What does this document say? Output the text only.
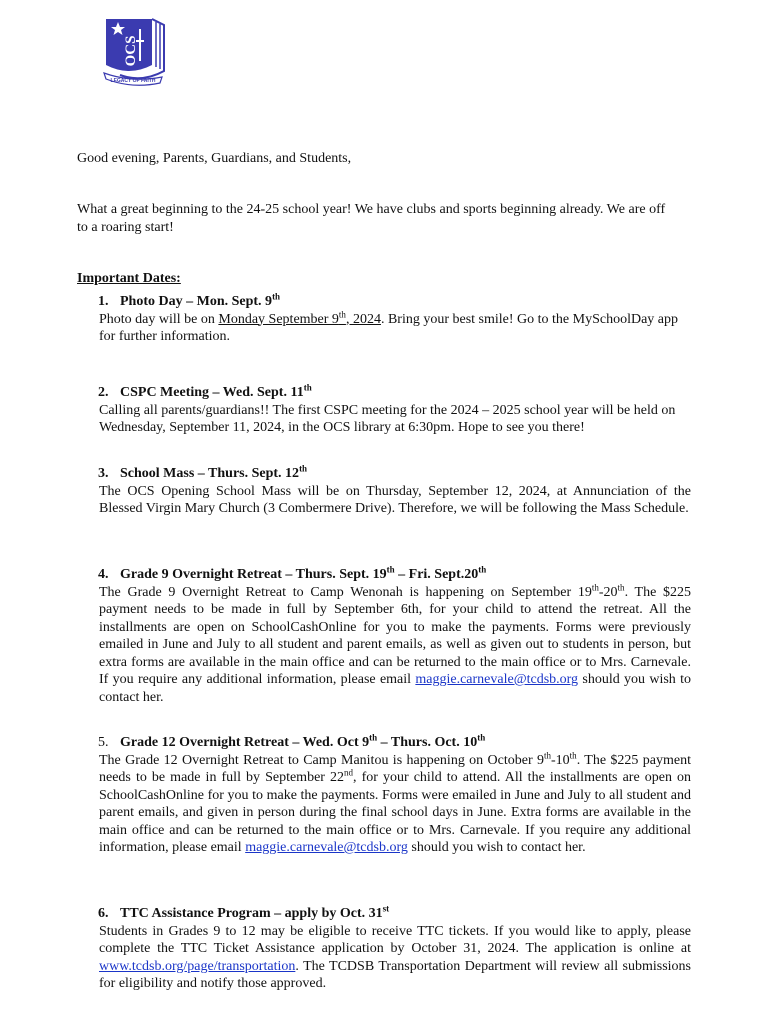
OCS
LEGACY OF FAITH

Good evening, Parents, Guardians, and Students,

What a great beginning to the 24-25 school year! We have clubs and sports beginning already. We are off to a roaring start!

Important Dates:

1. Photo Day – Mon. Sept. 9th
Photo day will be on Monday September 9th, 2024. Bring your best smile! Go to the MySchoolDay app for further information.
2. CSPC Meeting – Wed. Sept. 11th
Calling all parents/guardians!! The first CSPC meeting for the 2024 – 2025 school year will be held on Wednesday, September 11, 2024, in the OCS library at 6:30pm. Hope to see you there!
3. School Mass – Thurs. Sept. 12th
The OCS Opening School Mass will be on Thursday, September 12, 2024, at Annunciation of the Blessed Virgin Mary Church (3 Combermere Drive). Therefore, we will be following the Mass Schedule.
4. Grade 9 Overnight Retreat – Thurs. Sept. 19th – Fri. Sept.20th
The Grade 9 Overnight Retreat to Camp Wenonah is happening on September 19th-20th. The $225 payment needs to be made in full by September 6th, for your child to attend the retreat. All the installments are open on SchoolCashOnline for you to make the payments. Forms were previously emailed in June and July to all student and parent emails, as well as given out to students in person, but extra forms are available in the main office and can be returned to the main office or to Mrs. Carnevale. If you require any additional information, please email maggie.carnevale@tcdsb.org should you wish to contact her.
5. Grade 12 Overnight Retreat – Wed. Oct 9th – Thurs. Oct. 10th
The Grade 12 Overnight Retreat to Camp Manitou is happening on October 9th-10th. The $225 payment needs to be made in full by September 22nd, for your child to attend. All the installments are open on SchoolCashOnline for you to make the payments. Forms were emailed in June and July to all student and parent emails, and given in person during the final school days in June. Extra forms are available in the main office and can be returned to the main office or to Mrs. Carnevale. If you require any additional information, please email maggie.carnevale@tcdsb.org should you wish to contact her.
6. TTC Assistance Program – apply by Oct. 31st
Students in Grades 9 to 12 may be eligible to receive TTC tickets. If you would like to apply, please complete the TTC Ticket Assistance application by October 31, 2024. The application is online at www.tcdsb.org/page/transportation. The TCDSB Transportation Department will review all submissions for eligibility and notify those approved.
